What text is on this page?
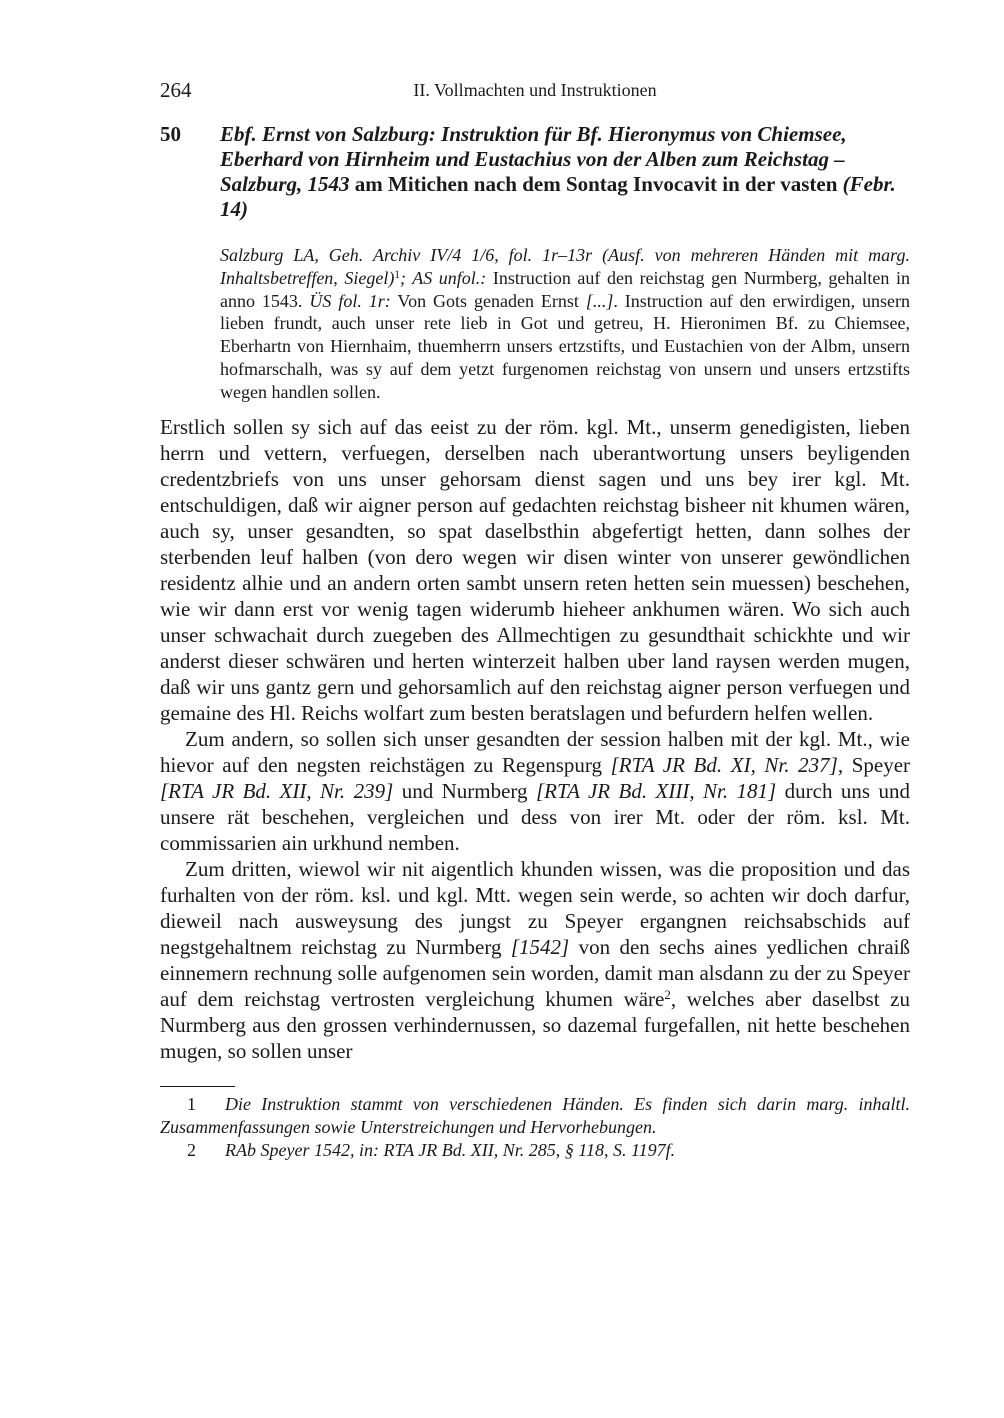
264	II. Vollmachten und Instruktionen
50 Ebf. Ernst von Salzburg: Instruktion für Bf. Hieronymus von Chiemsee, Eberhard von Hirnheim und Eustachius von der Alben zum Reichstag – Salzburg, 1543 am Mitichen nach dem Sontag Invocavit in der vasten (Febr. 14)
Salzburg LA, Geh. Archiv IV/4 1/6, fol. 1r–13r (Ausf. von mehreren Händen mit marg. Inhaltsbetreffen, Siegel)$^1$; AS unfol.: Instruction auf den reichstag gen Nurmberg, gehalten in anno 1543. ÜS fol. 1r: Von Gots genaden Ernst [...]. Instruction auf den erwirdigen, unsern lieben frundt, auch unser rete lieb in Got und getreu, H. Hieronimen Bf. zu Chiemsee, Eberhartn von Hiernhaim, thuemherrn unsers ertzstifts, und Eustachien von der Albm, unsern hofmarschalh, was sy auf dem yetzt furgenomen reichstag von unsern und unsers ertzstifts wegen handlen sollen.

Erstlich sollen sy sich auf das eeist zu der röm. kgl. Mt., unserm genedigisten, lieben herrn und vettern, verfuegen, derselben nach uberantwortung unsers beyligenden credentzbriefs von uns unser gehorsam dienst sagen und uns bey irer kgl. Mt. entschuldigen, daß wir aigner person auf gedachten reichstag bisheer nit khumen wären, auch sy, unser gesandten, so spat daselbsthin abgefertigt hetten, dann solhes der sterbenden leuf halben (von dero wegen wir disen winter von unserer gewöndlichen residentz alhie und an andern orten sambt unsern reten hetten sein muessen) beschehen, wie wir dann erst vor wenig tagen widerumb hieheer ankhumen wären. Wo sich auch unser schwachait durch zuegeben des Allmechtigen zu gesundthait schickhte und wir anderst dieser schwären und herten winterzeit halben uber land raysen werden mugen, daß wir uns gantz gern und gehorsamlich auf den reichstag aigner person verfuegen und gemaine des Hl. Reichs wolfart zum besten beratslagen und befurdern helfen wellen.

Zum andern, so sollen sich unser gesandten der session halben mit der kgl. Mt., wie hievor auf den negsten reichstägen zu Regenspurg [RTA JR Bd. XI, Nr. 237], Speyer [RTA JR Bd. XII, Nr. 239] und Nurmberg [RTA JR Bd. XIII, Nr. 181] durch uns und unsere rät beschehen, vergleichen und dess von irer Mt. oder der röm. ksl. Mt. commissarien ain urkhund nemben.

Zum dritten, wiewol wir nit aigentlich khunden wissen, was die proposition und das furhalten von der röm. ksl. und kgl. Mtt. wegen sein werde, so achten wir doch darfur, dieweil nach ausweysung des jungst zu Speyer ergangnen reichsabschids auf negstgehaltnem reichstag zu Nurmberg [1542] von den sechs aines yedlichen chraiß einnemern rechnung solle aufgenomen sein worden, damit man alsdann zu der zu Speyer auf dem reichstag vertrosten vergleichung khumen wäre$^2$, welches aber daselbst zu Nurmberg aus den grossen verhindernussen, so dazemal furgefallen, nit hette beschehen mugen, so sollen unser

1 Die Instruktion stammt von verschiedenen Händen. Es finden sich darin marg. inhaltl. Zusammenfassungen sowie Unterstreichungen und Hervorhebungen.

2 RAb Speyer 1542, in: RTA JR Bd. XII, Nr. 285, § 118, S. 1197f.
